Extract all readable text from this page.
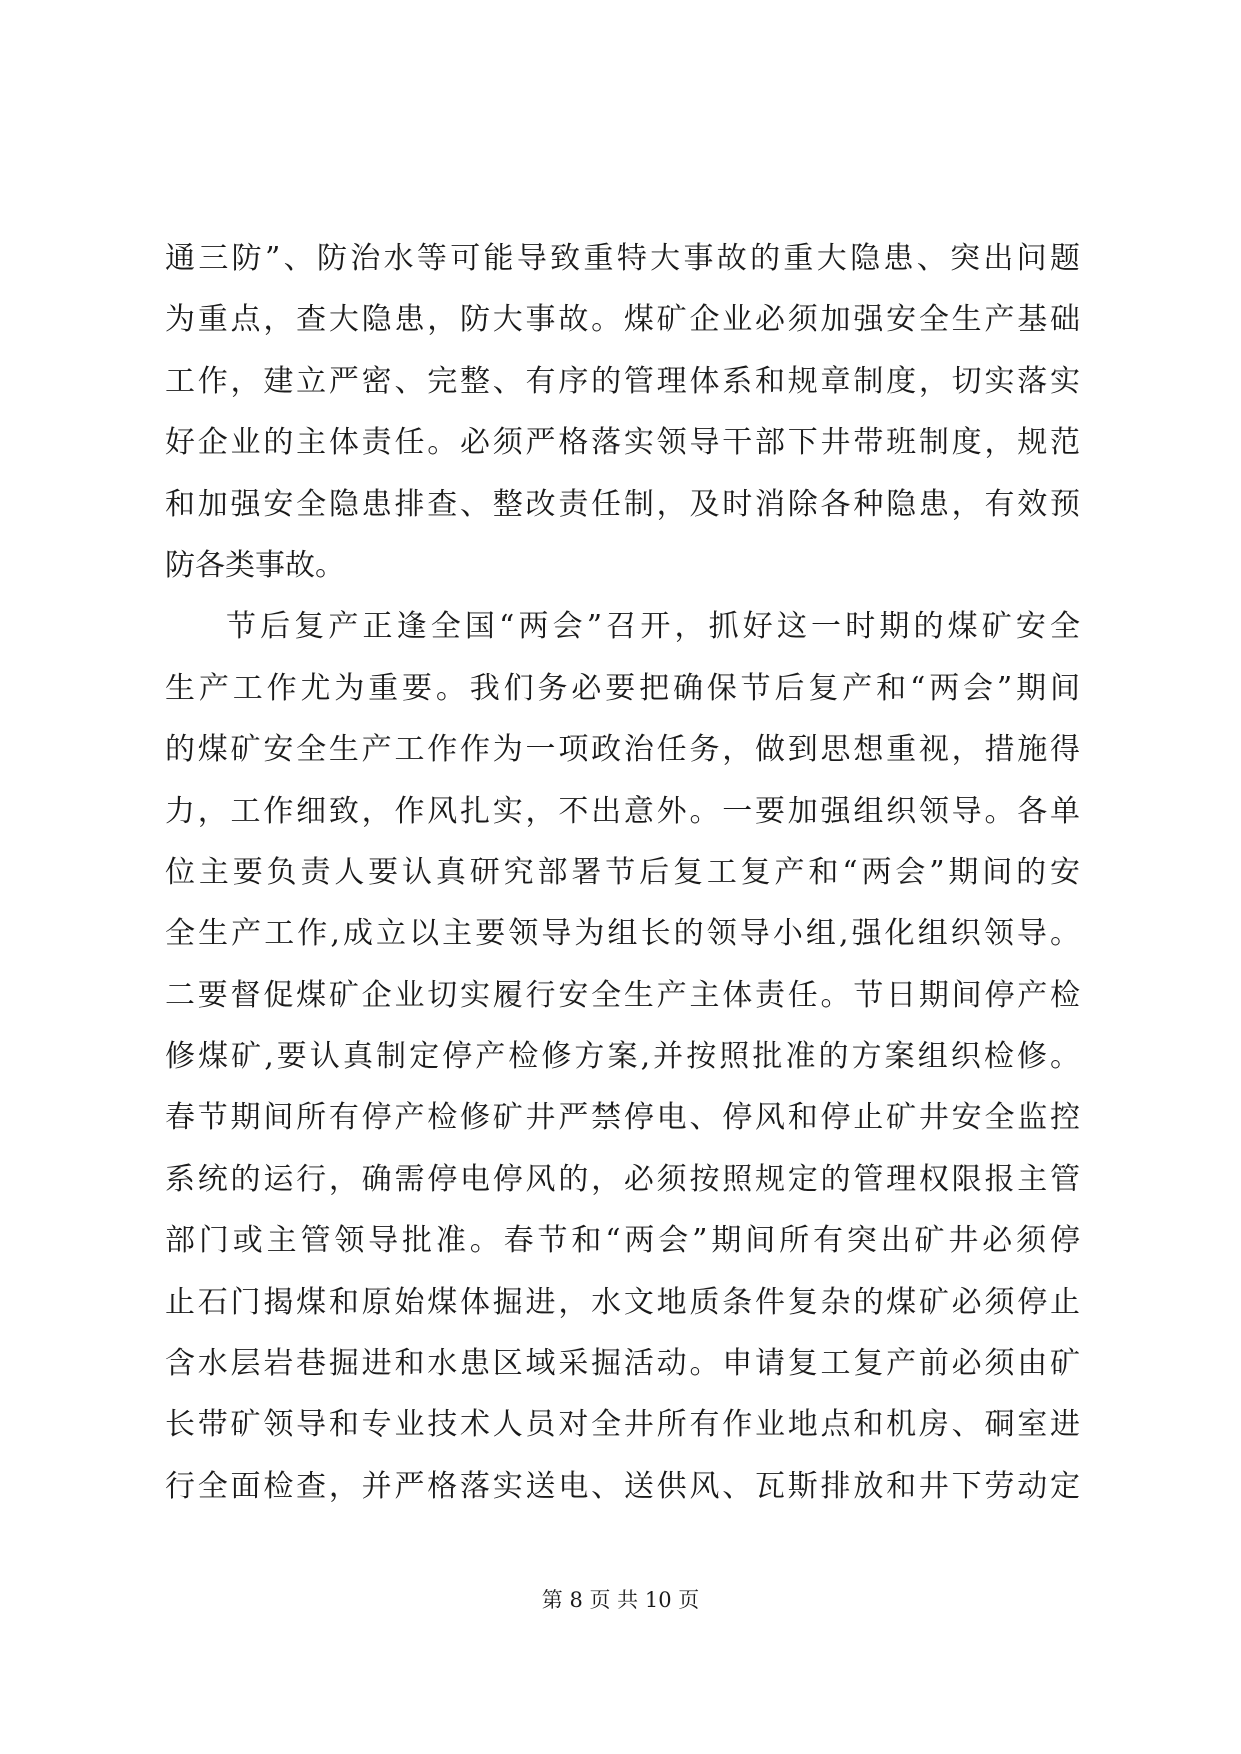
通三防”、防治水等可能导致重特大事故的重大隐患、突出问题
为重点，查大隐患，防大事故。煤矿企业必须加强安全生产基础
工作，建立严密、完整、有序的管理体系和规章制度，切实落实
好企业的主体责任。必须严格落实领导干部下井带班制度，规范
和加强安全隐患排查、整改责任制，及时消除各种隐患，有效预
防各类事故。
节后复产正逢全国“两会”召开，抓好这一时期的煤矿安全
生产工作尤为重要。我们务必要把确保节后复产和“两会”期间
的煤矿安全生产工作作为一项政治任务，做到思想重视，措施得
力，工作细致，作风扎实，不出意外。一要加强组织领导。各单
位主要负责人要认真研究部署节后复工复产和“两会”期间的安
全生产工作,成立以主要领导为组长的领导小组,强化组织领导。
二要督促煤矿企业切实履行安全生产主体责任。节日期间停产检
修煤矿,要认真制定停产检修方案,并按照批准的方案组织检修。
春节期间所有停产检修矿井严禁停电、停风和停止矿井安全监控
系统的运行，确需停电停风的，必须按照规定的管理权限报主管
部门或主管领导批准。春节和“两会”期间所有突出矿井必须停
止石门揭煤和原始煤体掘进，水文地质条件复杂的煤矿必须停止
含水层岩巷掘进和水患区域采掘活动。申请复工复产前必须由矿
长带矿领导和专业技术人员对全井所有作业地点和机房、硐室进
行全面检查，并严格落实送电、送供风、瓦斯排放和井下劳动定
第 8 页 共 10 页
